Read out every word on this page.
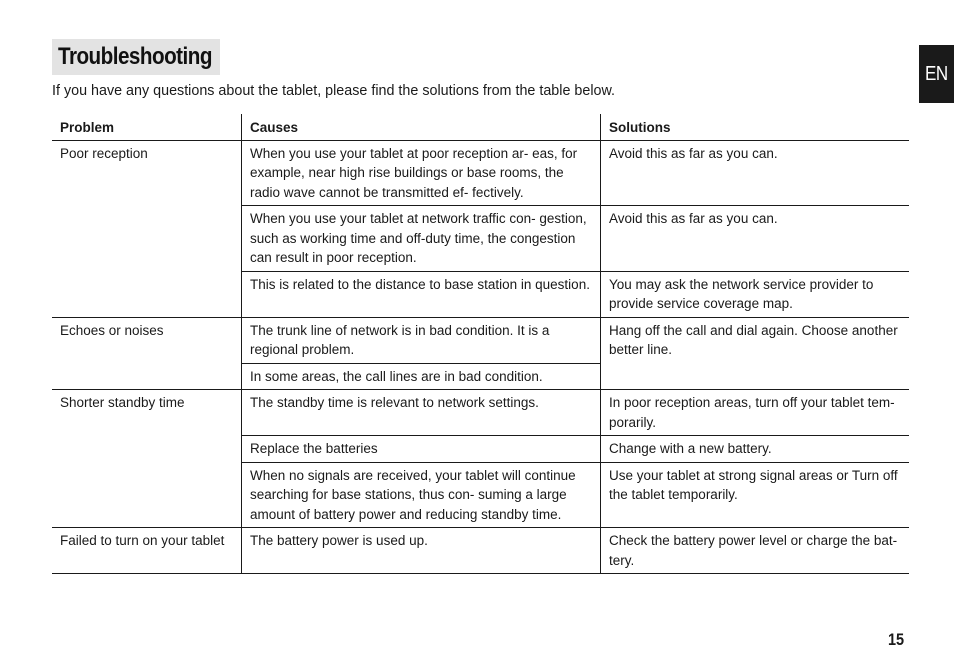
Troubleshooting
EN

If you have any questions about the tablet, please find the solutions from the table below.

Problem	Causes	Solutions
Poor reception	When you use your tablet at poor reception ar- eas, for example, near high rise buildings or base rooms, the radio wave cannot be transmitted ef- fectively.	Avoid this as far as you can.
	When you use your tablet at network traffic con- gestion, such as working time and off-duty time, the congestion can result in poor reception.	Avoid this as far as you can.
	This is related to the distance to base station in question.	You may ask the network service provider to provide service coverage map.
Echoes or noises	The trunk line of network is in bad condition. It is a regional problem.	Hang off the call and dial again. Choose another better line.
	In some areas, the call lines are in bad condition.	
Shorter standby time	The standby time is relevant to network settings.	In poor reception areas, turn off your tablet tem- porarily.
	Replace the batteries	Change with a new battery.
	When no signals are received, your tablet will continue searching for base stations, thus con- suming a large amount of battery power and reducing standby time.	Use your tablet at strong signal areas or Turn off the tablet temporarily.
Failed to turn on your tablet	The battery power is used up.	Check the battery power level or charge the bat- tery.
15
